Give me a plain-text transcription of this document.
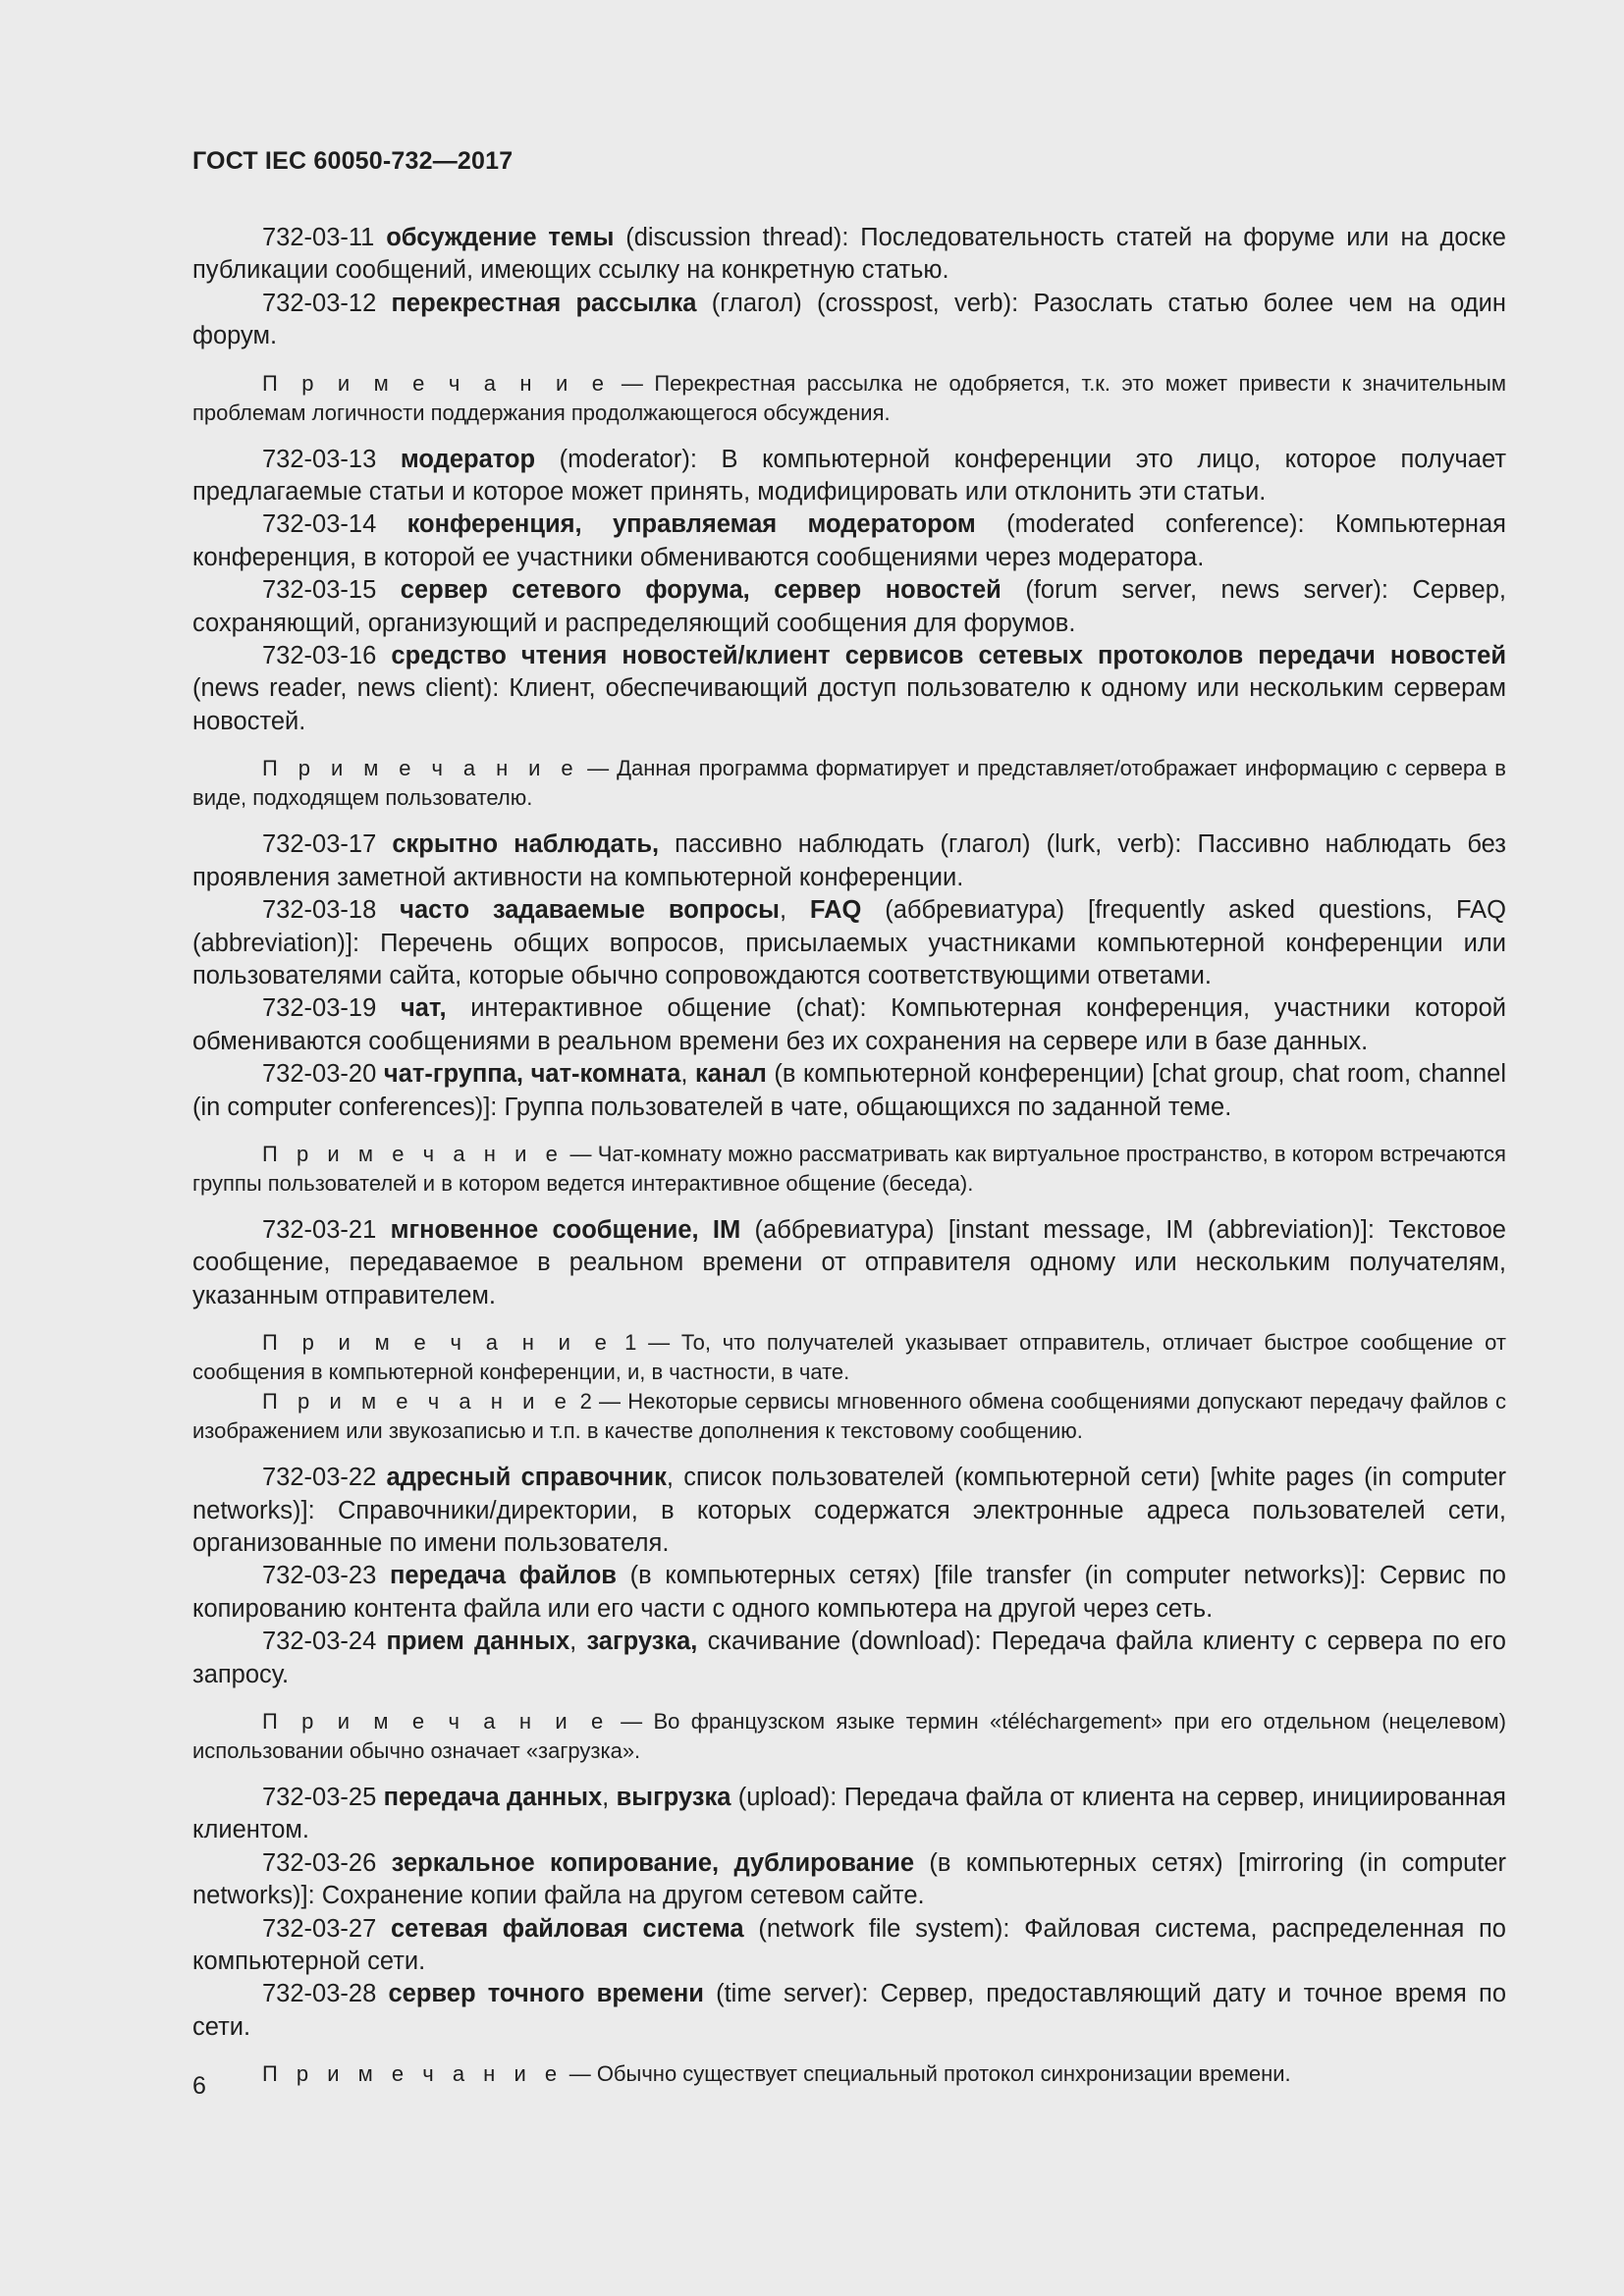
ГОСТ IEC 60050-732—2017

732-03-11 обсуждение темы (discussion thread): Последовательность статей на форуме или на доске публикации сообщений, имеющих ссылку на конкретную статью.

732-03-12 перекрестная рассылка (глагол) (crosspost, verb): Разослать статью более чем на один форум.

П р и м е ч а н и е — Перекрестная рассылка не одобряется, т.к. это может привести к значительным проблемам логичности поддержания продолжающегося обсуждения.

732-03-13 модератор (moderator): В компьютерной конференции это лицо, которое получает предлагаемые статьи и которое может принять, модифицировать или отклонить эти статьи.

732-03-14 конференция, управляемая модератором (moderated conference): Компьютерная конференция, в которой ее участники обмениваются сообщениями через модератора.

732-03-15 сервер сетевого форума, сервер новостей (forum server, news server): Сервер, сохраняющий, организующий и распределяющий сообщения для форумов.

732-03-16 средство чтения новостей/клиент сервисов сетевых протоколов передачи новостей (news reader, news client): Клиент, обеспечивающий доступ пользователю к одному или нескольким серверам новостей.

П р и м е ч а н и е — Данная программа форматирует и представляет/отображает информацию с сервера в виде, подходящем пользователю.

732-03-17 скрытно наблюдать, пассивно наблюдать (глагол) (lurk, verb): Пассивно наблюдать без проявления заметной активности на компьютерной конференции.

732-03-18 часто задаваемые вопросы, FAQ (аббревиатура) [frequently asked questions, FAQ (abbreviation)]: Перечень общих вопросов, присылаемых участниками компьютерной конференции или пользователями сайта, которые обычно сопровождаются соответствующими ответами.

732-03-19 чат, интерактивное общение (chat): Компьютерная конференция, участники которой обмениваются сообщениями в реальном времени без их сохранения на сервере или в базе данных.

732-03-20 чат-группа, чат-комната, канал (в компьютерной конференции) [chat group, chat room, channel (in computer conferences)]: Группа пользователей в чате, общающихся по заданной теме.

П р и м е ч а н и е — Чат-комнату можно рассматривать как виртуальное пространство, в котором встречаются группы пользователей и в котором ведется интерактивное общение (беседа).

732-03-21 мгновенное сообщение, IM (аббревиатура) [instant message, IM (abbreviation)]: Текстовое сообщение, передаваемое в реальном времени от отправителя одному или нескольким получателям, указанным отправителем.

П р и м е ч а н и е 1 — То, что получателей указывает отправитель, отличает быстрое сообщение от сообщения в компьютерной конференции, и, в частности, в чате.

П р и м е ч а н и е 2 — Некоторые сервисы мгновенного обмена сообщениями допускают передачу файлов с изображением или звукозаписью и т.п. в качестве дополнения к текстовому сообщению.

732-03-22 адресный справочник, список пользователей (компьютерной сети) [white pages (in computer networks)]: Справочники/директории, в которых содержатся электронные адреса пользователей сети, организованные по имени пользователя.

732-03-23 передача файлов (в компьютерных сетях) [file transfer (in computer networks)]: Сервис по копированию контента файла или его части с одного компьютера на другой через сеть.

732-03-24 прием данных, загрузка, скачивание (download): Передача файла клиенту с сервера по его запросу.

П р и м е ч а н и е — Во французском языке термин «téléchargement» при его отдельном (нецелевом) использовании обычно означает «загрузка».

732-03-25 передача данных, выгрузка (upload): Передача файла от клиента на сервер, инициированная клиентом.

732-03-26 зеркальное копирование, дублирование (в компьютерных сетях) [mirroring (in computer networks)]: Сохранение копии файла на другом сетевом сайте.

732-03-27 сетевая файловая система (network file system): Файловая система, распределенная по компьютерной сети.

732-03-28 сервер точного времени (time server): Сервер, предоставляющий дату и точное время по сети.

П р и м е ч а н и е — Обычно существует специальный протокол синхронизации времени.

6
